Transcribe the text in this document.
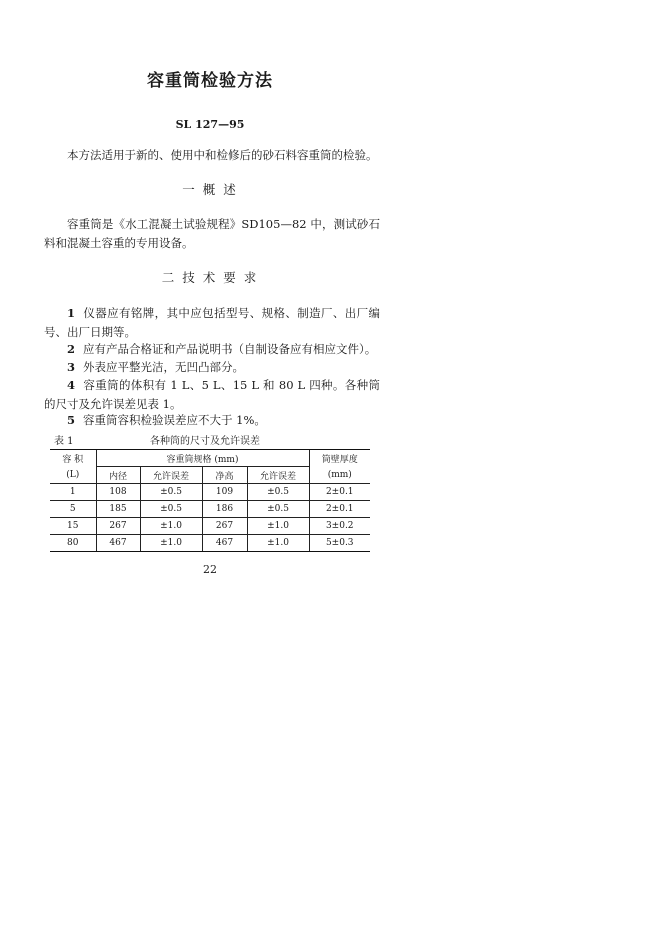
容重筒检验方法
SL 127—95
本方法适用于新的、使用中和检修后的砂石料容重筒的检验。
一 概 述
容重筒是《水工混凝土试验规程》SD105—82 中，测试砂石料和混凝土容重的专用设备。
二 技 术 要 求
1 仪器应有铭牌，其中应包括型号、规格、制造厂、出厂编号、出厂日期等。
2 应有产品合格证和产品说明书（自制设备应有相应文件）。
3 外表应平整光洁，无凹凸部分。
4 容重筒的体积有 1 L、5 L、15 L 和 80 L 四种。各种筒的尺寸及允许误差见表 1。
5 容重筒容积检验误差应不大于 1%。
表 1	各种筒的尺寸及允许误差
容 积	容重筒规格 (mm)				筒壁厚度
(L)	内径	允许误差	净高	允许误差	(mm)
1	108	±0.5	109	±0.5	2±0.1
5	185	±0.5	186	±0.5	2±0.1
15	267	±1.0	267	±1.0	3±0.2
80	467	±1.0	467	±1.0	5±0.3
22
